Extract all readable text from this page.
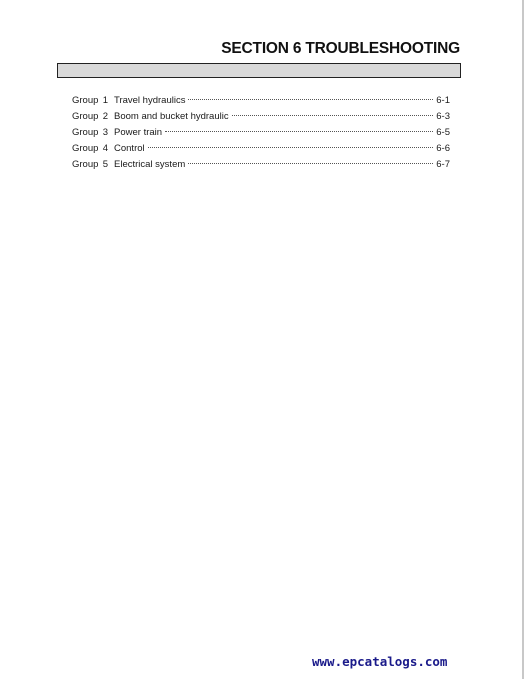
SECTION 6 TROUBLESHOOTING
Group 1 Travel hydraulics	6-1
Group 2 Boom and bucket hydraulic	6-3
Group 3 Power train	6-5
Group 4 Control	6-6
Group 5 Electrical system	6-7
www.epcatalogs.com
